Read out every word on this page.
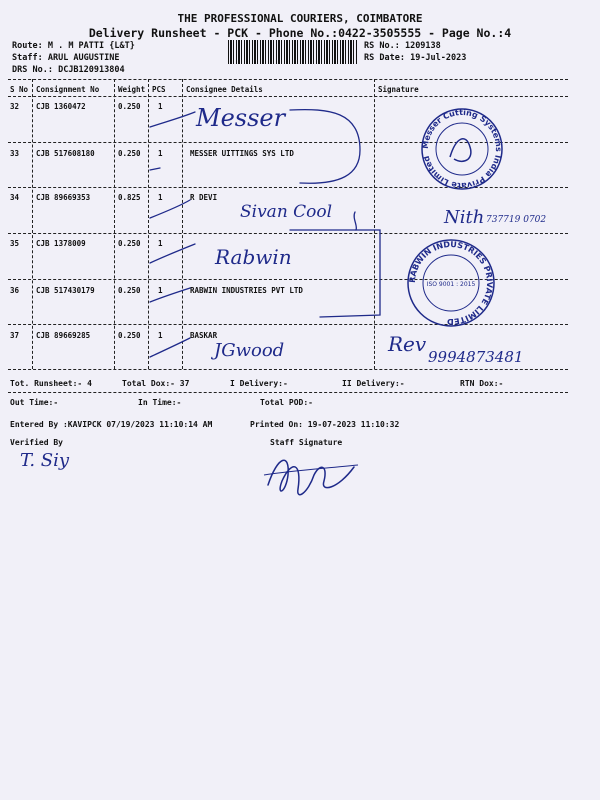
THE PROFESSIONAL COURIERS, COIMBATORE
Delivery Runsheet - PCK - Phone No.:0422-3505555 - Page No.:4
Route: M . M PATTI {L&T}
Staff: ARUL AUGUSTINE
DRS No.: DCJB120913804
RS No.: 1209138
RS Date: 19-Jul-2023
S No Consignment No	Weight PCS	Consignee Details	Signature
32 CJB 1360472	0.250 1
33 CJB 517608180	0.250 1	MESSER UITTINGS SYS LTD
34 CJB 89669353	0.825 1	R DEVI
35 CJB 1378009	0.250 1
36 CJB 517430179	0.250 1	RABWIN INDUSTRIES PVT LTD
37 CJB 89669285	0.250 1	BASKAR
Messer
Sivan Cool	Nith 737719 0702
Rabwin
JGwood	Rev
9994873481
Messer Cutting Systems India Private Limited
RABWIN INDUSTRIES PRIVATE LIMITED
ISO 9001 : 2015
Tot. Runsheet:- 4	Total Dox:- 37	I Delivery:-	II Delivery:-	RTN Dox:-
Out Time:-	In Time:-	Total POD:-
Entered By :KAVIPCK 07/19/2023 11:10:14 AM	Printed On: 19-07-2023 11:10:32
Verified By	Staff Signature
T. Siy
